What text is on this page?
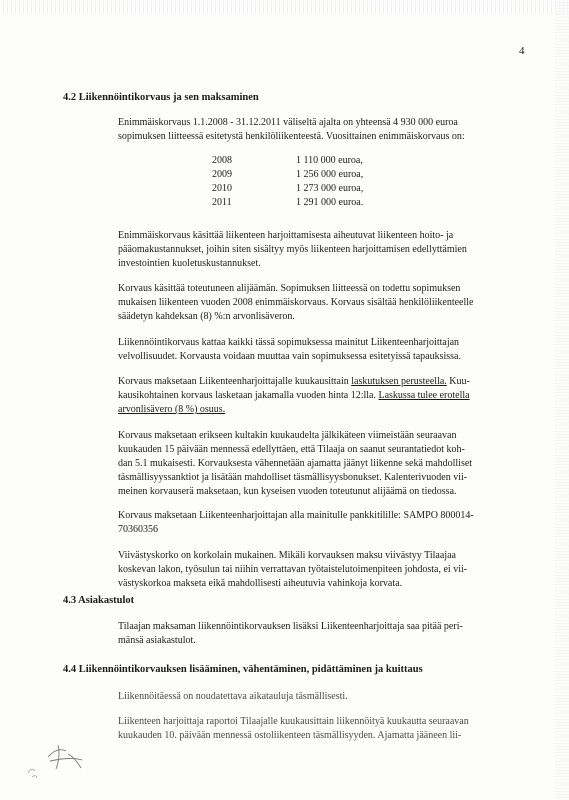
4
4.2 Liikennöintikorvaus ja sen maksaminen

Enimmäiskorvaus 1.1.2008 - 31.12.2011 väliseltä ajalta on yhteensä 4 930 000 euroa
sopimuksen liitteessä esitetystä henkilöliikenteestä. Vuosittainen enimmäiskorvaus on:

2008	1 110 000 euroa,
2009	1 256 000 euroa,
2010	1 273 000 euroa,
2011	1 291 000 euroa.

Enimmäiskorvaus käsittää liikenteen harjoittamisesta aiheutuvat liikenteen hoito- ja
pääomakustannukset, joihin siten sisältyy myös liikenteen harjoittamisen edellyttämien
investointien kuoletuskustannukset.

Korvaus käsittää toteutuneen alijäämän. Sopimuksen liitteessä on todettu sopimuksen
mukaisen liikenteen vuoden 2008 enimmäiskorvaus. Korvaus sisältää henkilöliikenteelle
säädetyn kahdeksan (8) %:n arvonlisäveron.

Liikennöintikorvaus kattaa kaikki tässä sopimuksessa mainitut Liikenteenharjoittajan
velvollisuudet. Korvausta voidaan muuttaa vain sopimuksessa esitetyissä tapauksissa.

Korvaus maksetaan Liikenteenharjoittajalle kuukausittain laskutuksen perusteella. Kuu-
kausikohtainen korvaus lasketaan jakamalla vuoden hinta 12:lla. Laskussa tulee erotella
arvonlisävero (8 %) osuus.

Korvaus maksetaan erikseen kultakin kuukaudelta jälkikäteen viimeistään seuraavan
kuukauden 15 päivään mennessä edellyttäen, että Tilaaja on saanut seurantatiedot koh-
dan 5.1 mukaisesti. Korvauksesta vähennetään ajamatta jäänyt liikenne sekä mahdolliset
täsmällisyyssanktiot ja lisätään mahdolliset täsmällisyysbonukset. Kalenterivuoden vii-
meinen korvauserä maksetaan, kun kyseisen vuoden toteutunut alijäämä on tiedossa.

Korvaus maksetaan Liikenteenharjoittajan alla mainitulle pankkitilille: SAMPO 800014-
70360356

Viivästyskorko on korkolain mukainen. Mikäli korvauksen maksu viivästyy Tilaajaa
koskevan lakon, työsulun tai niihin verrattavan työtaistelutoimenpiteen johdosta, ei vii-
västyskorkoa makseta eikä mahdollisesti aiheutuvia vahinkoja korvata.

4.3 Asiakastulot

Tilaajan maksaman liikennöintikorvauksen lisäksi Liikenteenharjoittaja saa pitää peri-
mänsä asiakastulot.

4.4 Liikennöintikorvauksen lisääminen, vähentäminen, pidättäminen ja kuittaus

Liikennöitäessä on noudatettava aikatauluja täsmällisesti.

Liikenteen harjoittaja raportoi Tilaajalle kuukausittain liikennöityä kuukautta seuraavan
kuukauden 10. päivään mennessä ostoliikenteen täsmällisyyden. Ajamatta jääneen lii-
